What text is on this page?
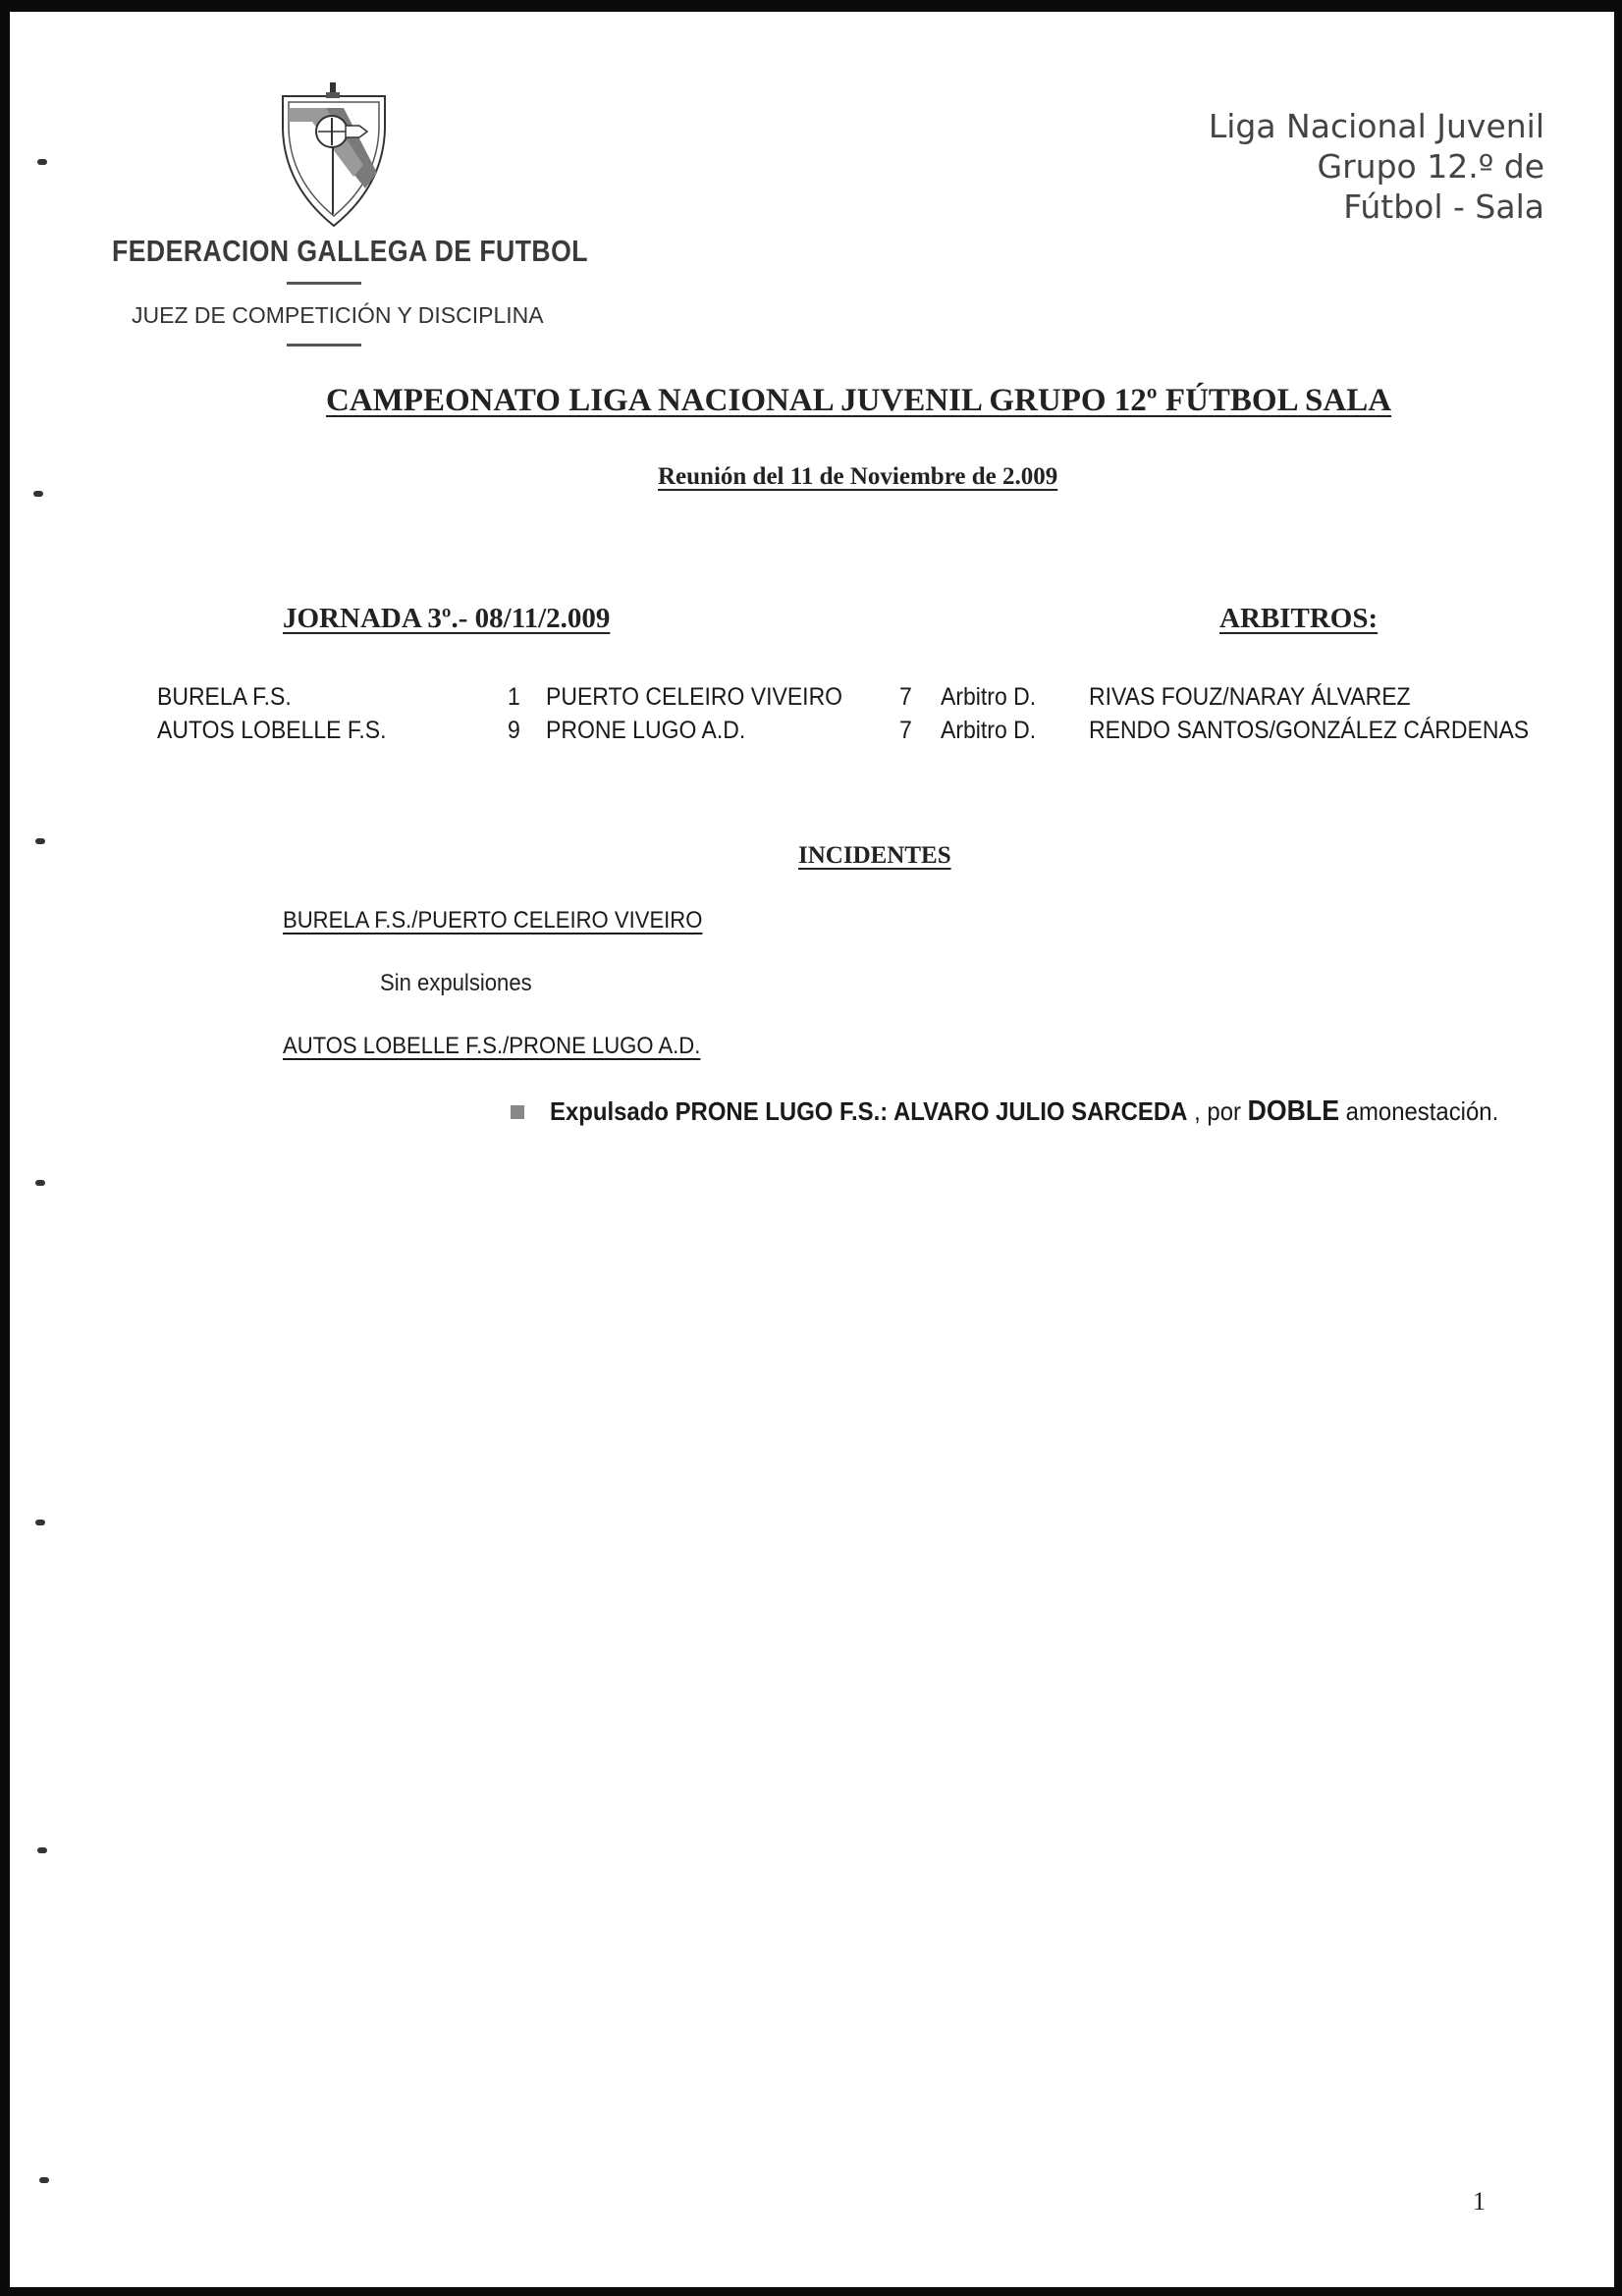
FEDERACION GALLEGA DE FUTBOL
JUEZ DE COMPETICIÓN Y DISCIPLINA
Liga Nacional Juvenil
Grupo 12.º de
Fútbol - Sala
CAMPEONATO LIGA NACIONAL JUVENIL GRUPO 12º FÚTBOL SALA
Reunión del 11 de Noviembre de 2.009
JORNADA 3º.- 08/11/2.009	ARBITROS:
BURELA F.S.	1 PUERTO CELEIRO VIVEIRO 7 Arbitro D. RIVAS FOUZ/NARAY ÁLVAREZ
AUTOS LOBELLE F.S.	9 PRONE LUGO A.D.	7 Arbitro D. RENDO SANTOS/GONZÁLEZ CÁRDENAS
INCIDENTES
BURELA F.S./PUERTO CELEIRO VIVEIRO
Sin expulsiones
AUTOS LOBELLE F.S./PRONE LUGO A.D.
Expulsado PRONE LUGO F.S.: ALVARO JULIO SARCEDA , por DOBLE amonestación.
1
